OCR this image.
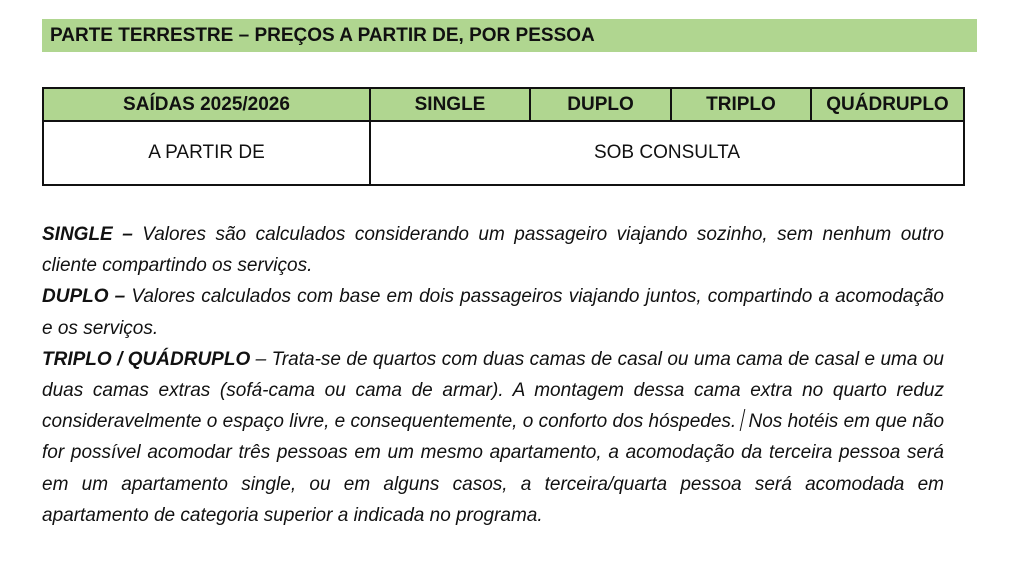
PARTE TERRESTRE – PREÇOS A PARTIR DE, POR PESSOA
SAÍDAS 2025/2026	SINGLE	DUPLO	TRIPLO	QUÁDRUPLO
A PARTIR DE	SOB CONSULTA			

SINGLE – Valores são calculados considerando um passageiro viajando sozinho, sem nenhum outro cliente compartindo os serviços.

DUPLO – Valores calculados com base em dois passageiros viajando juntos, compartindo a acomodação e os serviços.

TRIPLO / QUÁDRUPLO – Trata-se de quartos com duas camas de casal ou uma cama de casal e uma ou duas camas extras (sofá-cama ou cama de armar). A montagem dessa cama extra no quarto reduz consideravelmente o espaço livre, e consequentemente, o conforto dos hóspedes. Nos hotéis em que não for possível acomodar três pessoas em um mesmo apartamento, a acomodação da terceira pessoa será em um apartamento single, ou em alguns casos, a terceira/quarta pessoa será acomodada em apartamento de categoria superior a indicada no programa.
